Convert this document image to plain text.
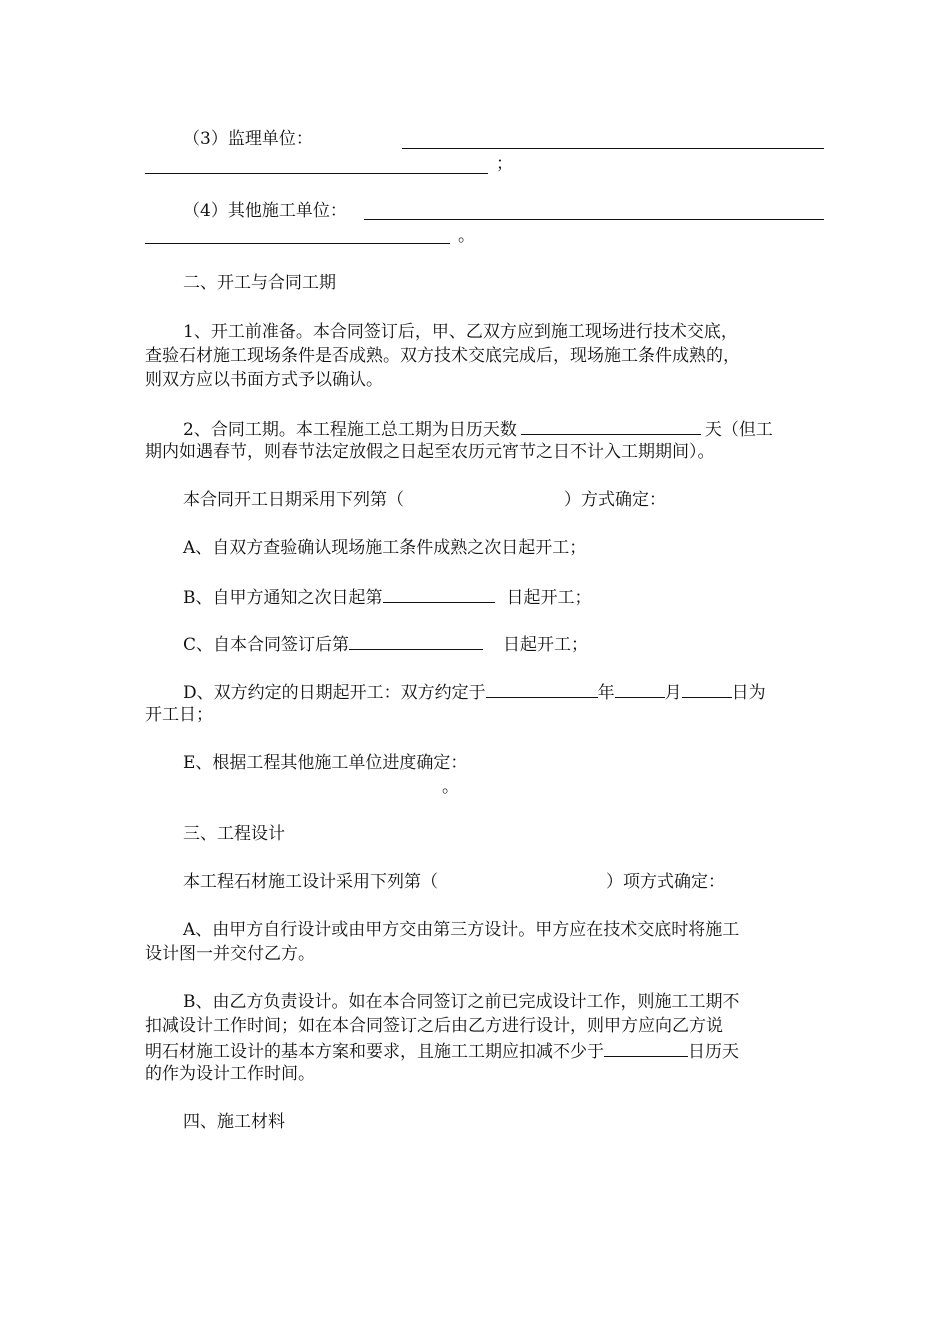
（3）监理单位：
；
（4）其他施工单位：
。
二、开工与合同工期
1、开工前准备。本合同签订后，甲、乙双方应到施工现场进行技术交底，
查验石材施工现场条件是否成熟。双方技术交底完成后，现场施工条件成熟的，
则双方应以书面方式予以确认。
2、合同工期。本工程施工总工期为日历天数	天（但工
期内如遇春节，则春节法定放假之日起至农历元宵节之日不计入工期期间）。
本合同开工日期采用下列第（	）方式确定：
A、自双方查验确认现场施工条件成熟之次日起开工；
B、自甲方通知之次日起第	日起开工；
C、自本合同签订后第	日起开工；
D、双方约定的日期起开工：双方约定于	年	月	日为
开工日；
E、根据工程其他施工单位进度确定：
。
三、工程设计
本工程石材施工设计采用下列第（	）项方式确定：
A、由甲方自行设计或由甲方交由第三方设计。甲方应在技术交底时将施工
设计图一并交付乙方。
B、由乙方负责设计。如在本合同签订之前已完成设计工作，则施工工期不
扣减设计工作时间；如在本合同签订之后由乙方进行设计，则甲方应向乙方说
明石材施工设计的基本方案和要求，且施工工期应扣减不少于	日历天
的作为设计工作时间。
四、施工材料
